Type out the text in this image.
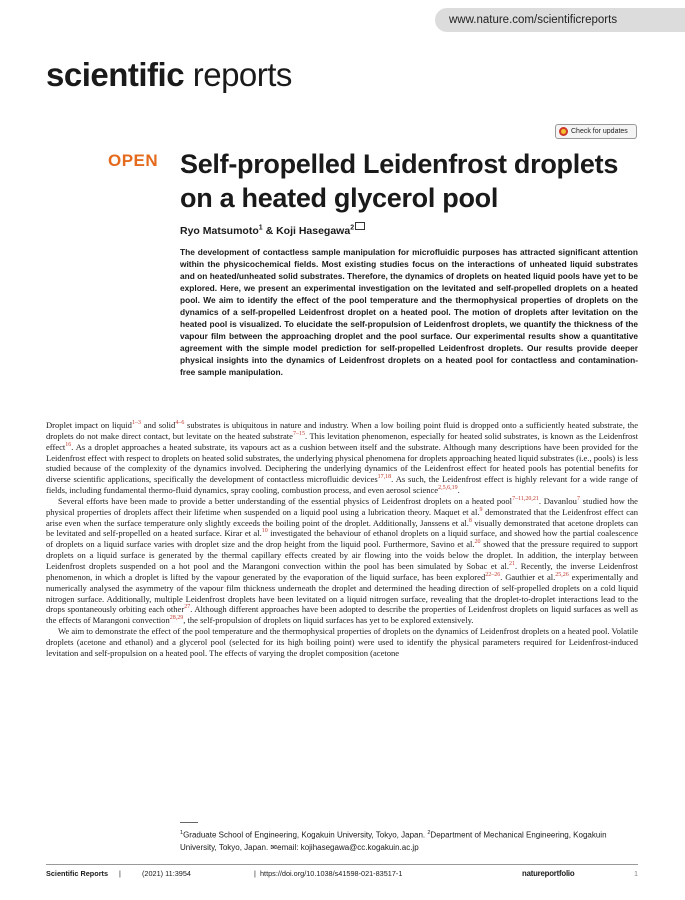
www.nature.com/scientificreports
scientific reports
Check for updates
OPEN Self-propelled Leidenfrost droplets on a heated glycerol pool
Ryo Matsumoto$^1$ & Koji Hasegawa$^2$

The development of contactless sample manipulation for microfluidic purposes has attracted significant attention within the physicochemical fields. Most existing studies focus on the interactions of unheated liquid substrates and on heated/unheated solid substrates. Therefore, the dynamics of droplets on heated liquid pools have yet to be explored. Here, we present an experimental investigation on the levitated and self-propelled droplets on a heated pool. We aim to identify the effect of the pool temperature and the thermophysical properties of droplets on the dynamics of a self-propelled Leidenfrost droplet on a heated pool. The motion of droplets after levitation on the heated pool is visualized. To elucidate the self-propulsion of Leidenfrost droplets, we quantify the thickness of the vapour film between the approaching droplet and the pool surface. Our experimental results show a quantitative agreement with the simple model prediction for self-propelled Leidenfrost droplets. Our results provide deeper physical insights into the dynamics of Leidenfrost droplets on a heated pool for contactless and contamination-free sample manipulation.

Droplet impact on liquid$^{1-3}$ and solid$^{4-6}$ substrates is ubiquitous in nature and industry. When a low boiling point fluid is dropped onto a sufficiently heated substrate, the droplets do not make direct contact, but levitate on the heated substrate$^{7-15}$. This levitation phenomenon, especially for heated solid substrates, is known as the Leidenfrost effect$^{16}$. As a droplet approaches a heated substrate, its vapours act as a cushion between itself and the substrate. Although many descriptions have been provided for the Leidenfrost effect with respect to droplets on heated solid substrates, the underlying physical phenomena for droplets approaching heated liquid substrates (i.e., pools) is less studied because of the complexity of the dynamics involved. Deciphering the underlying dynamics of the Leidenfrost effect for heated pools has potential benefits for diverse scientific applications, specifically the development of contactless microfluidic devices$^{17,18}$. As such, the Leidenfrost effect is highly relevant for a wide range of fields, including fundamental thermo-fluid dynamics, spray cooling, combustion process, and even aerosol science$^{2,5,6,19}$.

Several efforts have been made to provide a better understanding of the essential physics of Leidenfrost droplets on a heated pool$^{7-11,20,21}$. Davanlou$^7$ studied how the physical properties of droplets affect their lifetime when suspended on a liquid pool using a lubrication theory. Maquet et al.$^9$ demonstrated that the Leidenfrost effect can arise even when the surface temperature only slightly exceeds the boiling point of the droplet. Additionally, Janssens et al.$^8$ visually demonstrated that acetone droplets can be levitated and self-propelled on a heated surface. Kirar et al.$^{10}$ investigated the behaviour of ethanol droplets on a liquid surface, and showed how the partial coalescence of droplets on a liquid surface varies with droplet size and the drop height from the liquid pool. Furthermore, Savino et al.$^{20}$ showed that the pressure required to support droplets on a liquid surface is generated by the thermal capillary effects created by air flowing into the voids below the droplet. In addition, the interplay between Leidenfrost droplets suspended on a hot pool and the Marangoni convection within the pool has been simulated by Sobac et al.$^{21}$. Recently, the inverse Leidenfrost phenomenon, in which a droplet is lifted by the vapour generated by the evaporation of the liquid surface, has been explored$^{22-26}$. Gauthier et al.$^{25,26}$ experimentally and numerically analysed the asymmetry of the vapour film thickness underneath the droplet and determined the heading direction of self-propelled droplets on a cold liquid nitrogen surface. Additionally, multiple Leidenfrost droplets have been levitated on a liquid nitrogen surface, revealing that the droplet-to-droplet interactions lead to the drops spontaneously orbiting each other$^{27}$. Although different approaches have been adopted to describe the properties of Leidenfrost droplets on liquid surfaces as well as the effects of Marangoni convection$^{28,29}$, the self-propulsion of droplets on liquid surfaces has yet to be explored extensively.

We aim to demonstrate the effect of the pool temperature and the thermophysical properties of droplets on the dynamics of Leidenfrost droplets on a heated pool. Volatile droplets (acetone and ethanol) and a glycerol pool (selected for its high boiling point) were used to identify the physical parameters required for Leidenfrost-induced levitation and self-propulsion on a heated pool. The effects of varying the droplet composition (acetone

$^1$Graduate School of Engineering, Kogakuin University, Tokyo, Japan. $^2$Department of Mechanical Engineering, Kogakuin University, Tokyo, Japan. ✉email: kojihasegawa@cc.kogakuin.ac.jp
Scientific Reports |	(2021) 11:3954	| https://doi.org/10.1038/s41598-021-83517-1	natureportfolio	1
